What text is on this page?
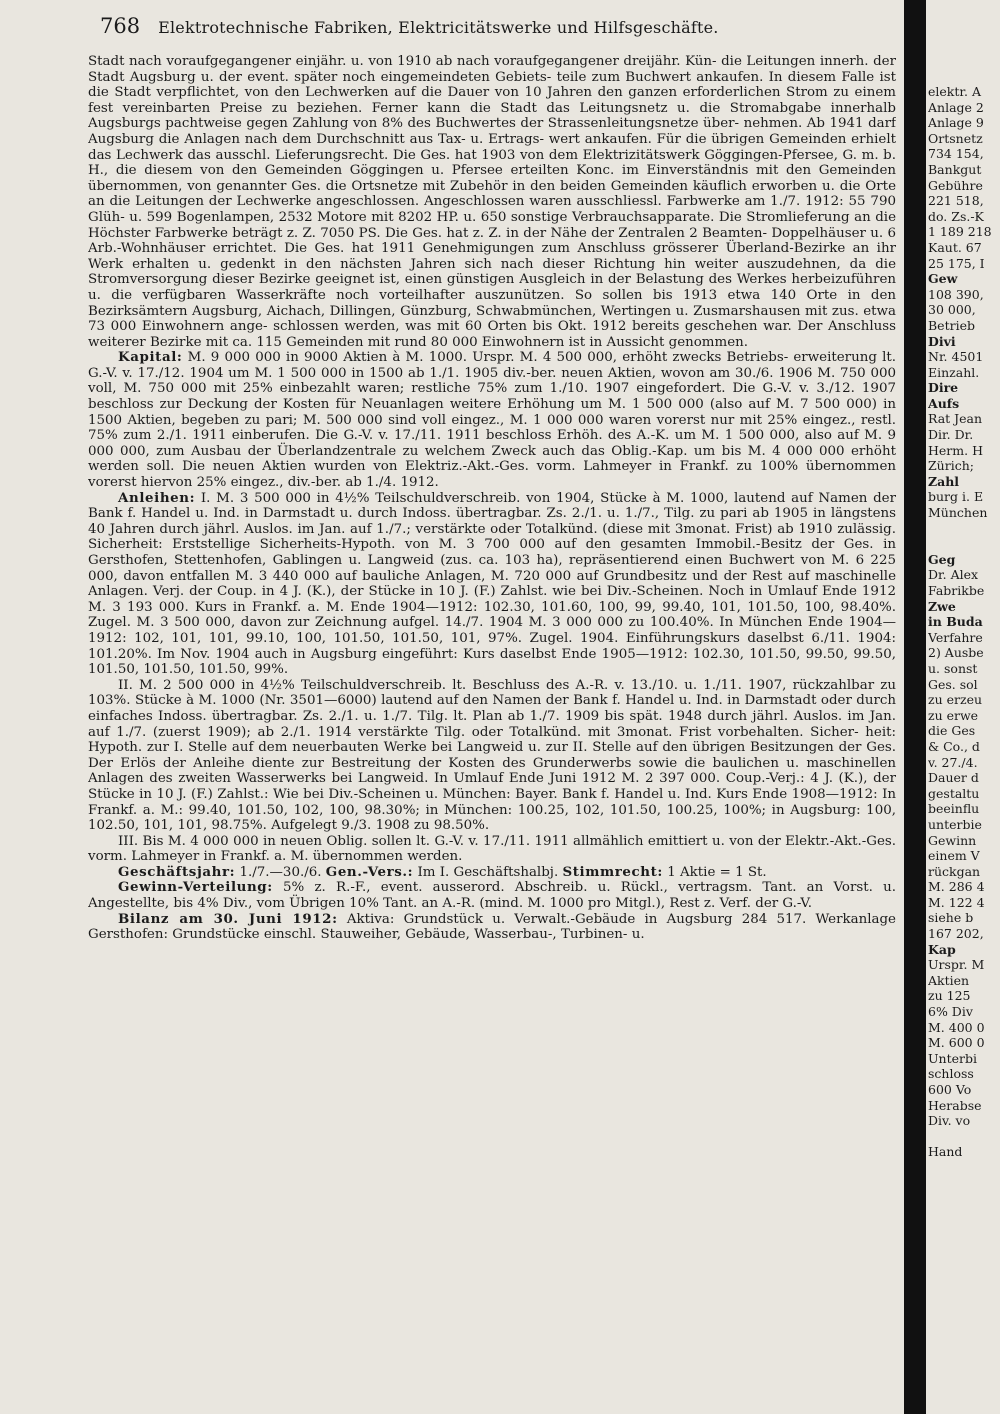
768 Elektrotechnische Fabriken, Elektricitätswerke und Hilfsgeschäfte.

Stadt nach voraufgegangener einjähr. u. von 1910 ab nach voraufgegangener dreijähr. Kün- die Leitungen innerh. der Stadt Augsburg u. der event. später noch eingemeindeten Gebiets- teile zum Buchwert ankaufen. In diesem Falle ist die Stadt verpflichtet, von den Lechwerken auf die Dauer von 10 Jahren den ganzen erforderlichen Strom zu einem fest vereinbarten Preise zu beziehen. Ferner kann die Stadt das Leitungsnetz u. die Stromabgabe innerhalb Augsburgs pachtweise gegen Zahlung von 8% des Buchwertes der Strassenleitungsnetze über- nehmen. Ab 1941 darf Augsburg die Anlagen nach dem Durchschnitt aus Tax- u. Ertrags- wert ankaufen. Für die übrigen Gemeinden erhielt das Lechwerk das ausschl. Lieferungsrecht. Die Ges. hat 1903 von dem Elektrizitätswerk Göggingen-Pfersee, G. m. b. H., die diesem von den Gemeinden Göggingen u. Pfersee erteilten Konc. im Einverständnis mit den Gemeinden übernommen, von genannter Ges. die Ortsnetze mit Zubehör in den beiden Gemeinden käuflich erworben u. die Orte an die Leitungen der Lechwerke angeschlossen. Angeschlossen waren ausschliessl. Farbwerke am 1./7. 1912: 55 790 Glüh- u. 599 Bogenlampen, 2532 Motore mit 8202 HP. u. 650 sonstige Verbrauchsapparate. Die Stromlieferung an die Höchster Farbwerke beträgt z. Z. 7050 PS. Die Ges. hat z. Z. in der Nähe der Zentralen 2 Beamten- Doppelhäuser u. 6 Arb.-Wohnhäuser errichtet. Die Ges. hat 1911 Genehmigungen zum Anschluss grösserer Überland-Bezirke an ihr Werk erhalten u. gedenkt in den nächsten Jahren sich nach dieser Richtung hin weiter auszudehnen, da die Stromversorgung dieser Bezirke geeignet ist, einen günstigen Ausgleich in der Belastung des Werkes herbeizuführen u. die verfügbaren Wasserkräfte noch vorteilhafter auszunützen. So sollen bis 1913 etwa 140 Orte in den Bezirksämtern Augsburg, Aichach, Dillingen, Günzburg, Schwabmünchen, Wertingen u. Zusmarshausen mit zus. etwa 73 000 Einwohnern ange- schlossen werden, was mit 60 Orten bis Okt. 1912 bereits geschehen war. Der Anschluss weiterer Bezirke mit ca. 115 Gemeinden mit rund 80 000 Einwohnern ist in Aussicht genommen.

Kapital: M. 9 000 000 in 9000 Aktien à M. 1000. Urspr. M. 4 500 000, erhöht zwecks Betriebs- erweiterung lt. G.-V. v. 17./12. 1904 um M. 1 500 000 in 1500 ab 1./1. 1905 div.-ber. neuen Aktien, wovon am 30./6. 1906 M. 750 000 voll, M. 750 000 mit 25% einbezahlt waren; restliche 75% zum 1./10. 1907 eingefordert. Die G.-V. v. 3./12. 1907 beschloss zur Deckung der Kosten für Neuanlagen weitere Erhöhung um M. 1 500 000 (also auf M. 7 500 000) in 1500 Aktien, begeben zu pari; M. 500 000 sind voll eingez., M. 1 000 000 waren vorerst nur mit 25% eingez., restl. 75% zum 2./1. 1911 einberufen. Die G.-V. v. 17./11. 1911 beschloss Erhöh. des A.-K. um M. 1 500 000, also auf M. 9 000 000, zum Ausbau der Überlandzentrale zu welchem Zweck auch das Oblig.-Kap. um bis M. 4 000 000 erhöht werden soll. Die neuen Aktien wurden von Elektriz.-Akt.-Ges. vorm. Lahmeyer in Frankf. zu 100% übernommen vorerst hiervon 25% eingez., div.-ber. ab 1./4. 1912.

Anleihen: I. M. 3 500 000 in 4½% Teilschuldverschreib. von 1904, Stücke à M. 1000, lautend auf Namen der Bank f. Handel u. Ind. in Darmstadt u. durch Indoss. übertragbar. Zs. 2./1. u. 1./7., Tilg. zu pari ab 1905 in längstens 40 Jahren durch jährl. Auslos. im Jan. auf 1./7.; verstärkte oder Totalkünd. (diese mit 3monat. Frist) ab 1910 zulässig. Sicherheit: Erststellige Sicherheits-Hypoth. von M. 3 700 000 auf den gesamten Immobil.-Besitz der Ges. in Gersthofen, Stettenhofen, Gablingen u. Langweid (zus. ca. 103 ha), repräsentierend einen Buchwert von M. 6 225 000, davon entfallen M. 3 440 000 auf bauliche Anlagen, M. 720 000 auf Grundbesitz und der Rest auf maschinelle Anlagen. Verj. der Coup. in 4 J. (K.), der Stücke in 10 J. (F.) Zahlst. wie bei Div.-Scheinen. Noch in Umlauf Ende 1912 M. 3 193 000. Kurs in Frankf. a. M. Ende 1904—1912: 102.30, 101.60, 100, 99, 99.40, 101, 101.50, 100, 98.40%. Zugel. M. 3 500 000, davon zur Zeichnung aufgel. 14./7. 1904 M. 3 000 000 zu 100.40%. In München Ende 1904—1912: 102, 101, 101, 99.10, 100, 101.50, 101.50, 101, 97%. Zugel. 1904. Einführungskurs daselbst 6./11. 1904: 101.20%. Im Nov. 1904 auch in Augsburg eingeführt: Kurs daselbst Ende 1905—1912: 102.30, 101.50, 99.50, 99.50, 101.50, 101.50, 101.50, 99%.

II. M. 2 500 000 in 4½% Teilschuldverschreib. lt. Beschluss des A.-R. v. 13./10. u. 1./11. 1907, rückzahlbar zu 103%. Stücke à M. 1000 (Nr. 3501—6000) lautend auf den Namen der Bank f. Handel u. Ind. in Darmstadt oder durch einfaches Indoss. übertragbar. Zs. 2./1. u. 1./7. Tilg. lt. Plan ab 1./7. 1909 bis spät. 1948 durch jährl. Auslos. im Jan. auf 1./7. (zuerst 1909); ab 2./1. 1914 verstärkte Tilg. oder Totalkünd. mit 3monat. Frist vorbehalten. Sicher- heit: Hypoth. zur I. Stelle auf dem neuerbauten Werke bei Langweid u. zur II. Stelle auf den übrigen Besitzungen der Ges. Der Erlös der Anleihe diente zur Bestreitung der Kosten des Grunderwerbs sowie die baulichen u. maschinellen Anlagen des zweiten Wasserwerks bei Langweid. In Umlauf Ende Juni 1912 M. 2 397 000. Coup.-Verj.: 4 J. (K.), der Stücke in 10 J. (F.) Zahlst.: Wie bei Div.-Scheinen u. München: Bayer. Bank f. Handel u. Ind. Kurs Ende 1908—1912: In Frankf. a. M.: 99.40, 101.50, 102, 100, 98.30%; in München: 100.25, 102, 101.50, 100.25, 100%; in Augsburg: 100, 102.50, 101, 101, 98.75%. Aufgelegt 9./3. 1908 zu 98.50%.

III. Bis M. 4 000 000 in neuen Oblig. sollen lt. G.-V. v. 17./11. 1911 allmählich emittiert u. von der Elektr.-Akt.-Ges. vorm. Lahmeyer in Frankf. a. M. übernommen werden.

Geschäftsjahr: 1./7.—30./6. Gen.-Vers.: Im I. Geschäftshalbj. Stimmrecht: 1 Aktie = 1 St.

Gewinn-Verteilung: 5% z. R.-F., event. ausserord. Abschreib. u. Rückl., vertragsm. Tant. an Vorst. u. Angestellte, bis 4% Div., vom Übrigen 10% Tant. an A.-R. (mind. M. 1000 pro Mitgl.), Rest z. Verf. der G.-V.

Bilanz am 30. Juni 1912: Aktiva: Grundstück u. Verwalt.-Gebäude in Augsburg 284 517. Werkanlage Gersthofen: Grundstücke einschl. Stauweiher, Gebäude, Wasserbau-, Turbinen- u.

elektr. A
Anlage 2
Anlage 9
Ortsnetz
734 154,
Bankgut
Gebühre
221 518,
do. Zs.-K
1 189 218
Kaut. 67
25 175, I
Gew
108 390,
30 000,
Betrieb
Divi
Nr. 4501
Einzahl.
Dire
Aufs
Rat Jean
Dir. Dr.
Herm. H
Zürich;
Zahl
burg i. E
München
Geg
Dr. Alex
Fabrikbe
Zwe
in Buda
Verfahre
2) Ausbe
u. sonst
Ges. sol
zu erzeu
zu erwe
die Ges
& Co., d
v. 27./4.
Dauer d
gestaltu
beeinflu
unterbie
Gewinn
einem V
rückgan
M. 286 4
M. 122 4
siehe b
167 202,
Kap
Urspr. M
Aktien
zu 125
6% Div
M. 400 0
M. 600 0
Unterbi
schloss
600 Vo
Herabse
Div. vo
Hand
